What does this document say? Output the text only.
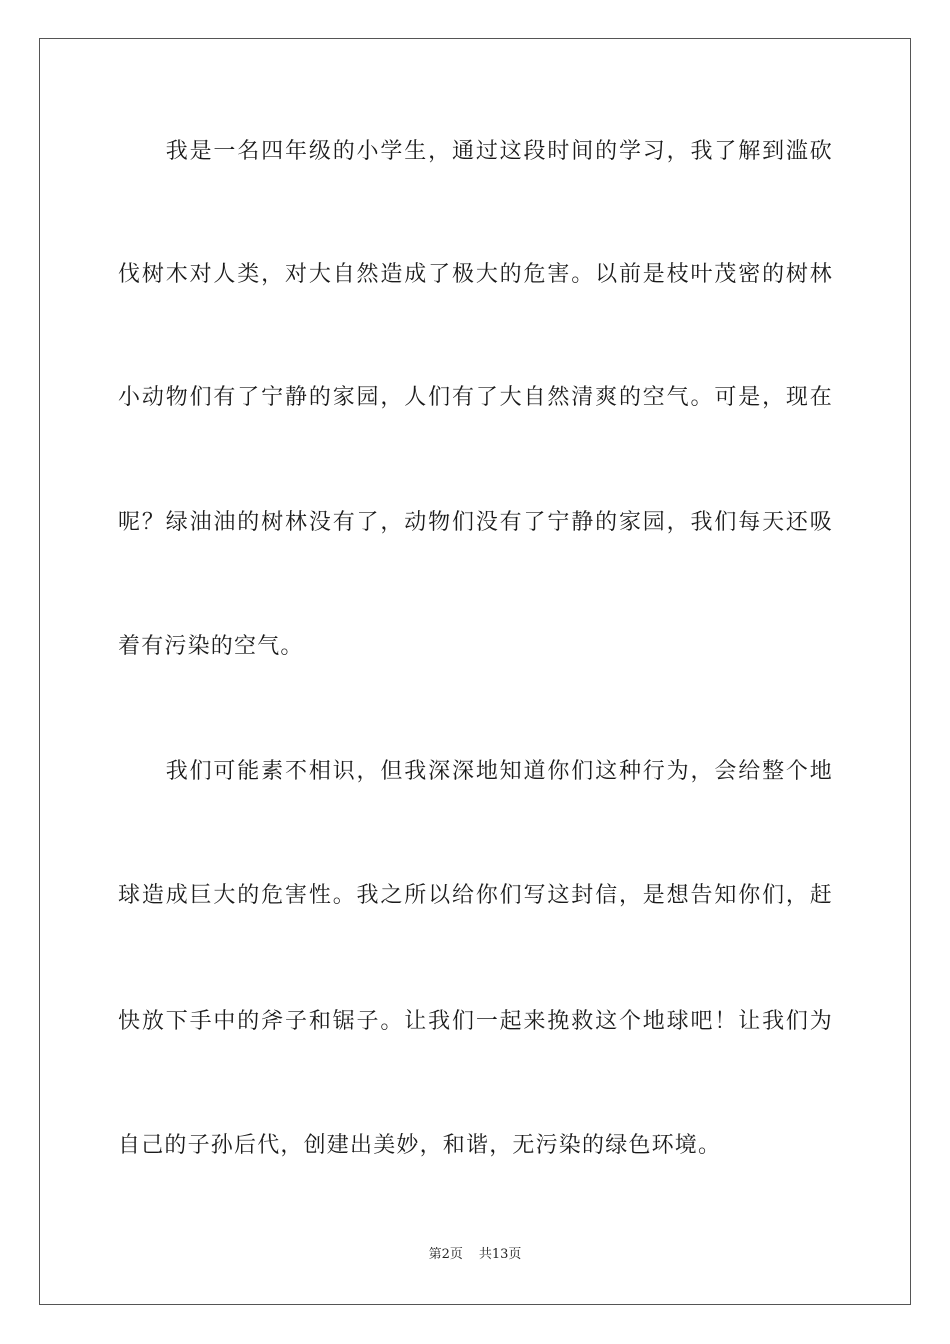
　　我是一名四年级的小学生，通过这段时间的学习，我了解到滥砍
伐树木对人类，对大自然造成了极大的危害。以前是枝叶茂密的树林
小动物们有了宁静的家园，人们有了大自然清爽的空气。可是，现在
呢？绿油油的树林没有了，动物们没有了宁静的家园，我们每天还吸
着有污染的空气。
　　我们可能素不相识，但我深深地知道你们这种行为，会给整个地
球造成巨大的危害性。我之所以给你们写这封信，是想告知你们，赶
快放下手中的斧子和锯子。让我们一起来挽救这个地球吧！让我们为
自己的子孙后代，创建出美妙，和谐，无污染的绿色环境。
第2页 共13页
